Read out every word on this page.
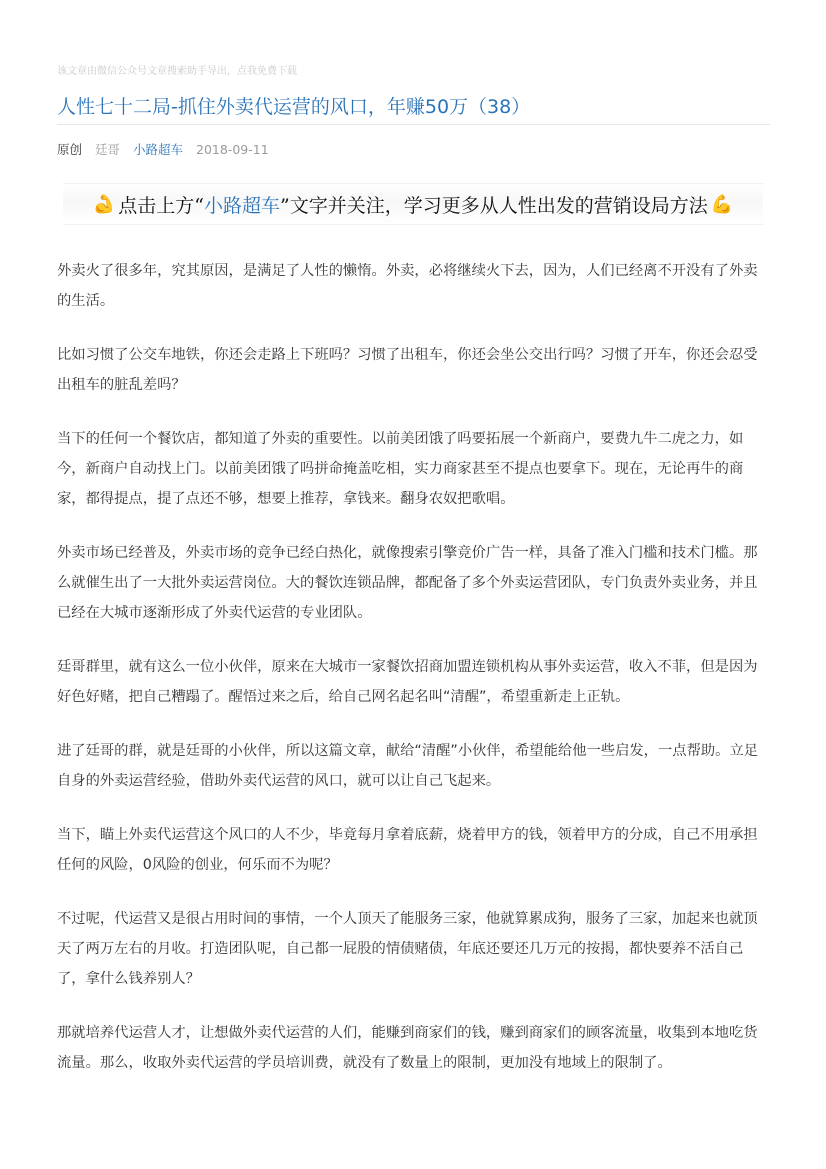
该文章由微信公众号文章搜索助手导出，点我免费下载
人性七十二局-抓住外卖代运营的风口，年赚50万（38）
原创 廷哥 小路超车 2018-09-11
💪 点击上方“ 小路超车 ”文字并关注，学习更多从人性出发的营销设局方法 💪

外卖火了很多年，究其原因，是满足了人性的懒惰。外卖，必将继续火下去，因为，人们已经离不开没有了外卖的生活。

比如习惯了公交车地铁，你还会走路上下班吗？习惯了出租车，你还会坐公交出行吗？习惯了开车，你还会忍受出租车的脏乱差吗？

当下的任何一个餐饮店，都知道了外卖的重要性。以前美团饿了吗要拓展一个新商户，要费九牛二虎之力，如今，新商户自动找上门。以前美团饿了吗拼命掩盖吃相，实力商家甚至不提点也要拿下。现在，无论再牛的商家，都得提点，提了点还不够，想要上推荐，拿钱来。翻身农奴把歌唱。

外卖市场已经普及，外卖市场的竞争已经白热化，就像搜索引擎竞价广告一样，具备了准入门槛和技术门槛。那么就催生出了一大批外卖运营岗位。大的餐饮连锁品牌，都配备了多个外卖运营团队，专门负责外卖业务，并且已经在大城市逐渐形成了外卖代运营的专业团队。

廷哥群里，就有这么一位小伙伴，原来在大城市一家餐饮招商加盟连锁机构从事外卖运营，收入不菲，但是因为好色好赌，把自己糟蹋了。醒悟过来之后，给自己网名起名叫“清醒”，希望重新走上正轨。

进了廷哥的群，就是廷哥的小伙伴，所以这篇文章，献给“清醒”小伙伴，希望能给他一些启发，一点帮助。立足自身的外卖运营经验，借助外卖代运营的风口，就可以让自己飞起来。

当下，瞄上外卖代运营这个风口的人不少，毕竟每月拿着底薪，烧着甲方的钱，领着甲方的分成，自己不用承担任何的风险，0风险的创业，何乐而不为呢？

不过呢，代运营又是很占用时间的事情，一个人顶天了能服务三家，他就算累成狗，服务了三家，加起来也就顶天了两万左右的月收。打造团队呢，自己都一屁股的情债赌债，年底还要还几万元的按揭，都快要养不活自己了，拿什么钱养别人？

那就培养代运营人才，让想做外卖代运营的人们，能赚到商家们的钱，赚到商家们的顾客流量，收集到本地吃货流量。那么，收取外卖代运营的学员培训费，就没有了数量上的限制，更加没有地域上的限制了。
